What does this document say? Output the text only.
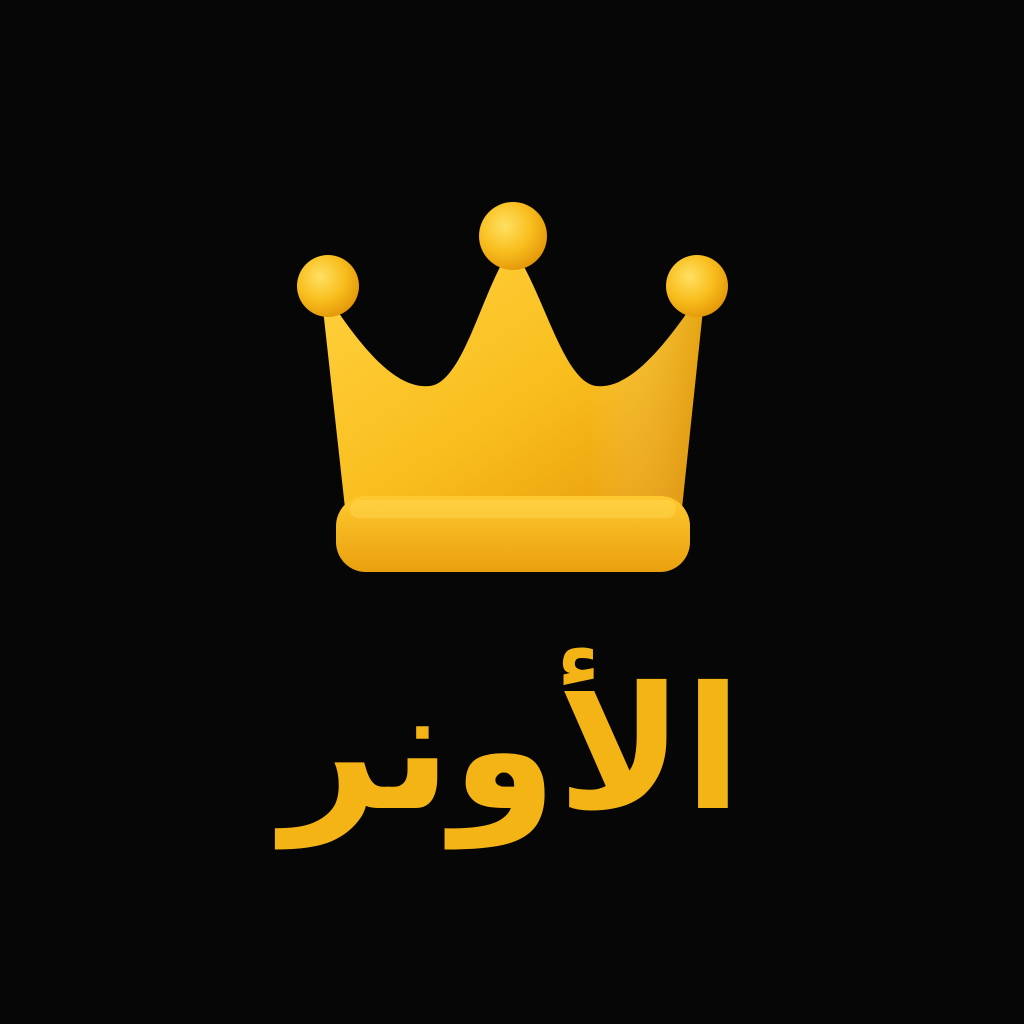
الأونر
